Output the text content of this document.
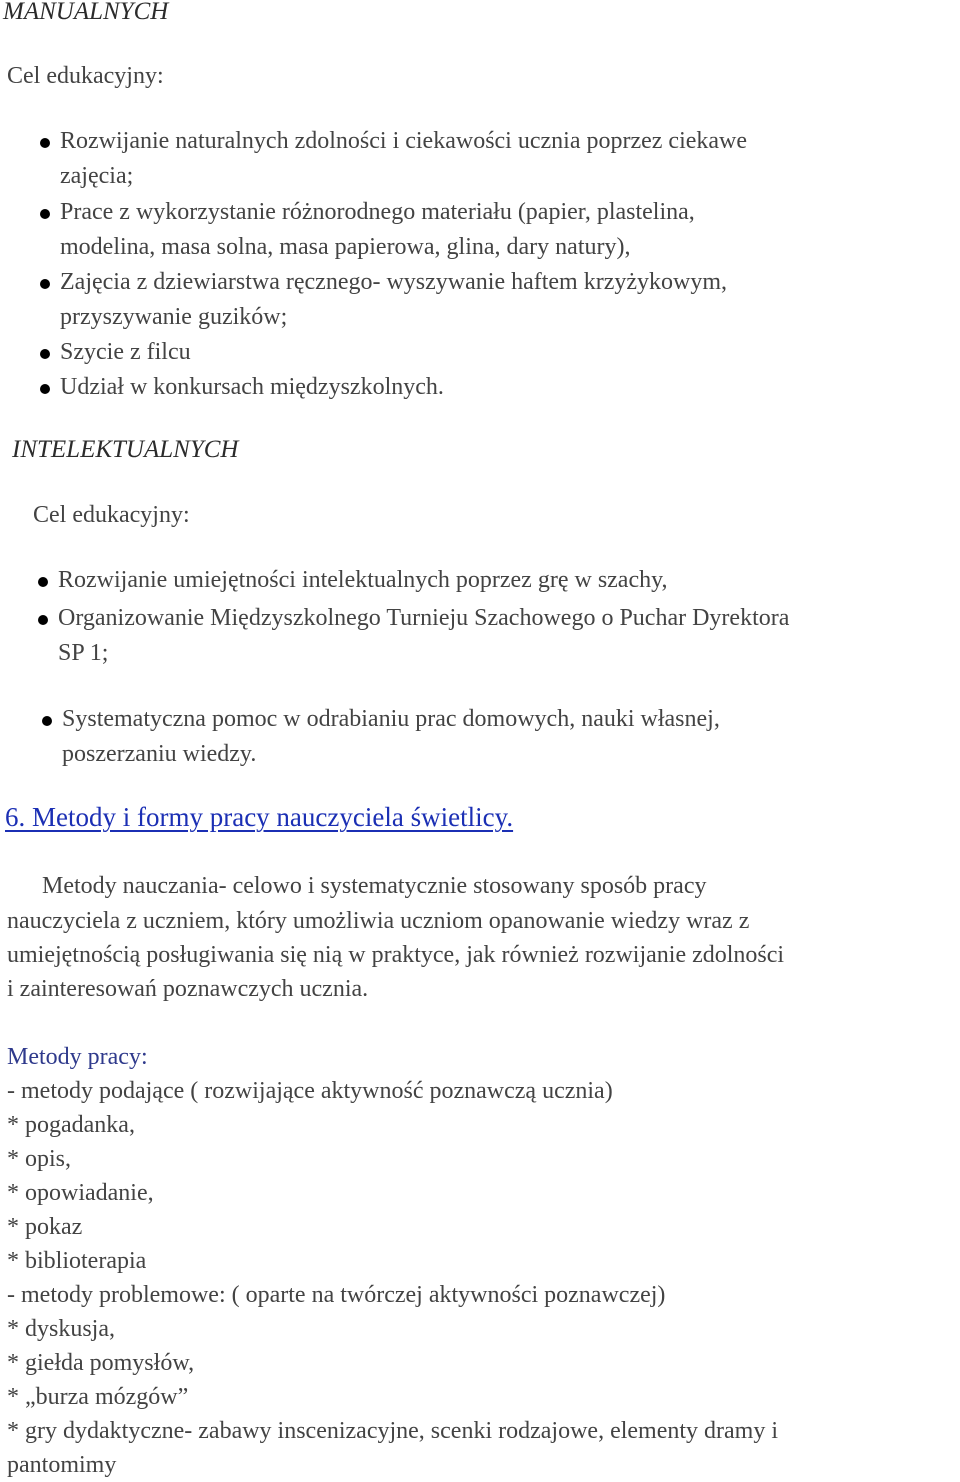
MANUALNYCH
Cel edukacyjny:
Rozwijanie naturalnych zdolności i ciekawości ucznia poprzez ciekawe
zajęcia;
Prace z wykorzystanie różnorodnego materiału (papier, plastelina,
modelina, masa solna, masa papierowa, glina, dary natury),
Zajęcia z dziewiarstwa ręcznego- wyszywanie haftem krzyżykowym,
przyszywanie guzików;
Szycie z filcu
Udział w konkursach międzyszkolnych.
INTELEKTUALNYCH
Cel edukacyjny:
Rozwijanie umiejętności intelektualnych poprzez grę w szachy,
Organizowanie Międzyszkolnego Turnieju Szachowego o Puchar Dyrektora
SP 1;
Systematyczna pomoc w odrabianiu prac domowych, nauki własnej,
poszerzaniu wiedzy.
6. Metody i formy pracy nauczyciela świetlicy.
Metody nauczania- celowo i systematycznie stosowany sposób pracy
nauczyciela z uczniem, który umożliwia uczniom opanowanie wiedzy wraz z
umiejętnością posługiwania się nią w praktyce, jak również rozwijanie zdolności
i zainteresowań poznawczych ucznia.
Metody pracy:
- metody podające ( rozwijające aktywność poznawczą ucznia)
* pogadanka,
* opis,
* opowiadanie,
* pokaz
* biblioterapia
- metody problemowe: ( oparte na twórczej aktywności poznawczej)
* dyskusja,
* giełda pomysłów,
* „burza mózgów”
* gry dydaktyczne- zabawy inscenizacyjne, scenki rodzajowe, elementy dramy i
pantomimy
